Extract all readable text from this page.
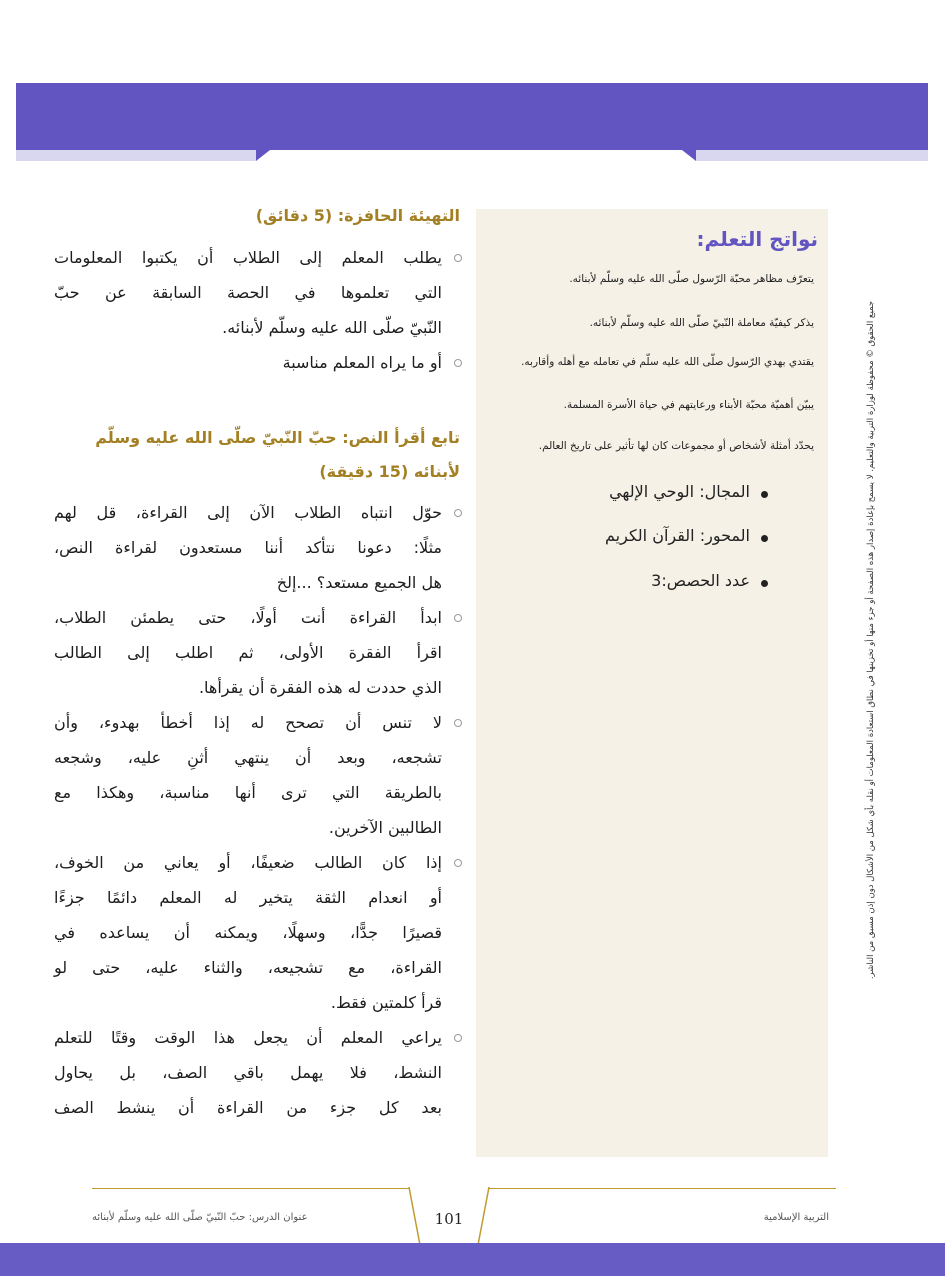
نواتج التعلم:
يتعرّف مظاهر محبّة الرّسول صلّى الله عليه وسلّم لأبنائه.
يذكر كيفيّة معاملة النّبيّ صلّى الله عليه وسلّم لأبنائه.
يقتدي بهدي الرّسول صلّى الله عليه سلّم في تعامله مع أهله وأقاربه.
يبيّن أهميّة محبّة الأبناء ورعايتهم في حياة الأسرة المسلمة.
يحدّد أمثلة لأشخاص أو مجموعات كان لها تأثير على تاريخ العالم.
المجال: الوحي الإلهي
المحور: القرآن الكريم
عدد الحصص:3	جميع الحقوق © محفوظة لوزارة التربية والتعليم. لا يسمح بإعادة إصدار هذه الصفحة أو جزء منها أو تخزينها في نطاق استعادة المعلومات أو نقله بأي شكل من الأشكال دون إذن مسبق من الناشر.
التهيئة الحافزة: (5 دقائق)
يطلب المعلم إلى الطلاب أن يكتبوا المعلومات
التي تعلموها في الحصة السابقة عن حبّ
النّبيّ صلّى الله عليه وسلّم لأبنائه.
أو ما يراه المعلم مناسبة
تابع أقرأ النص: حبّ النّبيّ صلّى الله عليه وسلّم
لأبنائه (15 دقيقة)
حوّل انتباه الطلاب الآن إلى القراءة، قل لهم
مثلًا: دعونا نتأكد أننا مستعدون لقراءة النص،
هل الجميع مستعد؟ ...إلخ
ابدأ القراءة أنت أولًا، حتى يطمئن الطلاب،
اقرأ الفقرة الأولى، ثم اطلب إلى الطالب
الذي حددت له هذه الفقرة أن يقرأها.
لا تنس أن تصحح له إذا أخطأ بهدوء، وأن
تشجعه، وبعد أن ينتهي أثنِ عليه، وشجعه
بالطريقة التي ترى أنها مناسبة، وهكذا مع
الطالبين الآخرين.
إذا كان الطالب ضعيفًا، أو يعاني من الخوف،
أو انعدام الثقة يتخير له المعلم دائمًا جزءًا
قصيرًا جدًّا، وسهلًا، ويمكنه أن يساعده في
القراءة، مع تشجيعه، والثناء عليه، حتى لو
قرأ كلمتين فقط.
يراعي المعلم أن يجعل هذا الوقت وقتًا للتعلم
النشط، فلا يهمل باقي الصف، بل يحاول
بعد كل جزء من القراءة أن ينشط الصف
101
عنوان الدرس: حبّ النّبيّ صلّى الله عليه وسلّم لأبنائه	التربية الإسلامية
